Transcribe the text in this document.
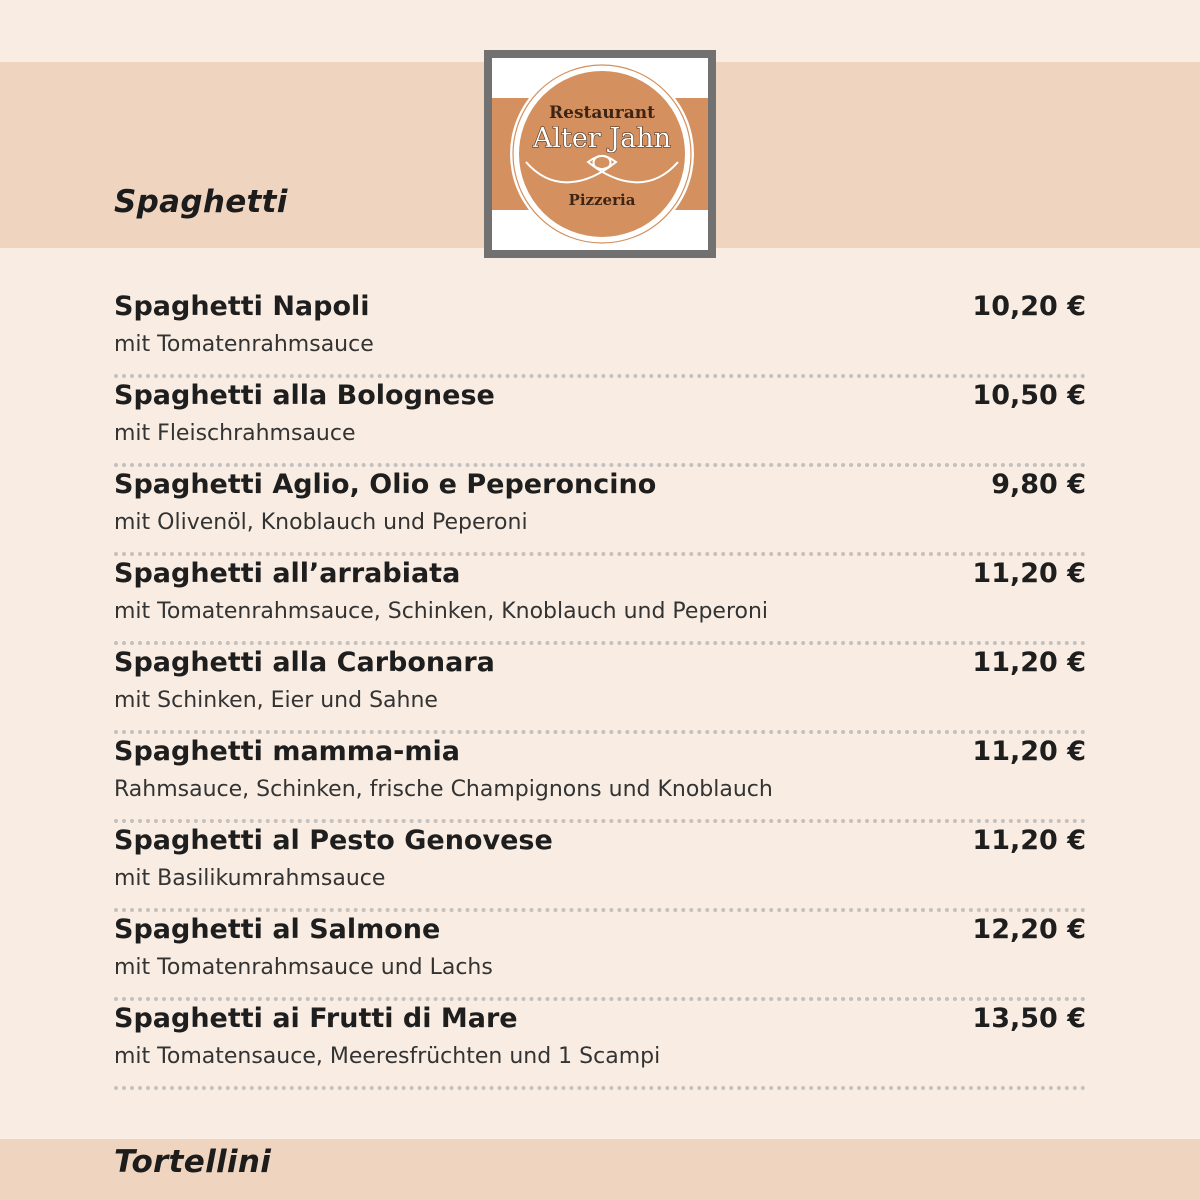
Spaghetti
Restaurant
Alter Jahn
Pizzeria
Spaghetti Napoli	10,20 €
mit Tomatenrahmsauce
Spaghetti alla Bolognese	10,50 €
mit Fleischrahmsauce
Spaghetti Aglio, Olio e Peperoncino	9,80 €
mit Olivenöl, Knoblauch und Peperoni
Spaghetti all’arrabiata	11,20 €
mit Tomatenrahmsauce, Schinken, Knoblauch und Peperoni
Spaghetti alla Carbonara	11,20 €
mit Schinken, Eier und Sahne
Spaghetti mamma-mia	11,20 €
Rahmsauce, Schinken, frische Champignons und Knoblauch
Spaghetti al Pesto Genovese	11,20 €
mit Basilikumrahmsauce
Spaghetti al Salmone	12,20 €
mit Tomatenrahmsauce und Lachs
Spaghetti ai Frutti di Mare	13,50 €
mit Tomatensauce, Meeresfrüchten und 1 Scampi
Tortellini
